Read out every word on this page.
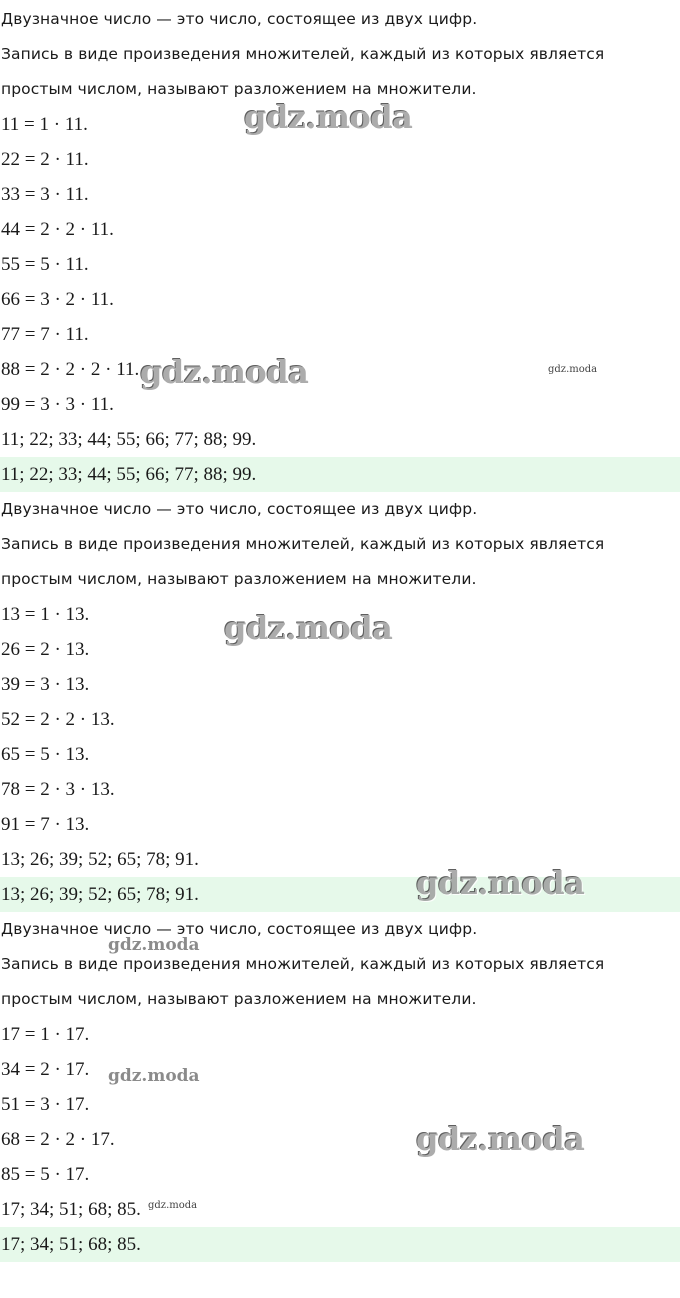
Двузначное число — это число, состоящее из двух цифр.
Запись в виде произведения множителей, каждый из которых является
простым числом, называют разложением на множители.
11 = 1 · 11.
22 = 2 · 11.
33 = 3 · 11.
44 = 2 · 2 · 11.
55 = 5 · 11.
66 = 3 · 2 · 11.
77 = 7 · 11.
88 = 2 · 2 · 2 · 11.
99 = 3 · 3 · 11.
11; 22; 33; 44; 55; 66; 77; 88; 99.
11; 22; 33; 44; 55; 66; 77; 88; 99.
Двузначное число — это число, состоящее из двух цифр.
Запись в виде произведения множителей, каждый из которых является
простым числом, называют разложением на множители.
13 = 1 · 13.
26 = 2 · 13.
39 = 3 · 13.
52 = 2 · 2 · 13.
65 = 5 · 13.
78 = 2 · 3 · 13.
91 = 7 · 13.
13; 26; 39; 52; 65; 78; 91.
13; 26; 39; 52; 65; 78; 91.
Двузначное число — это число, состоящее из двух цифр.
Запись в виде произведения множителей, каждый из которых является
простым числом, называют разложением на множители.
17 = 1 · 17.
34 = 2 · 17.
51 = 3 · 17.
68 = 2 · 2 · 17.
85 = 5 · 17.
17; 34; 51; 68; 85.
17; 34; 51; 68; 85.
gdz.moda
gdz.moda	gdz.moda
gdz.moda
gdz.moda
gdz.moda
gdz.moda
gdz.moda
gdz.moda
